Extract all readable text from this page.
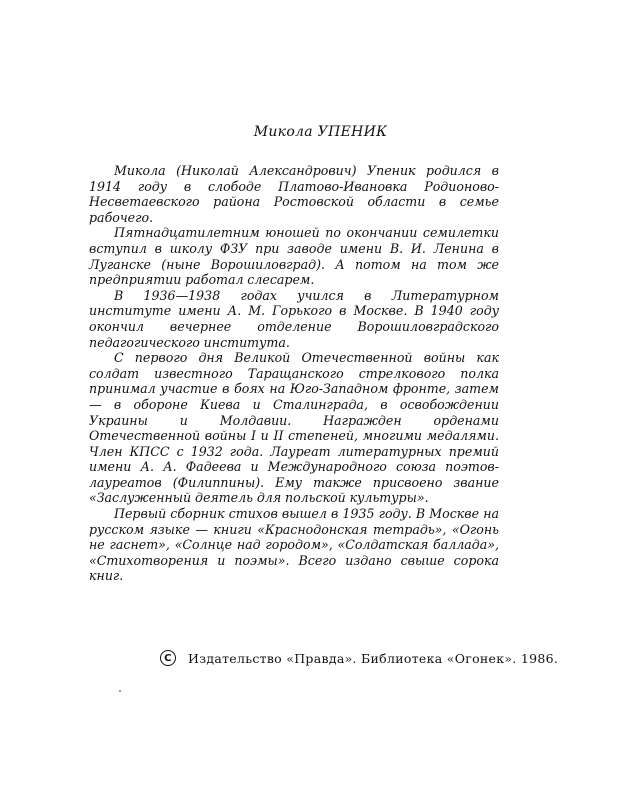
Микола УПЕНИК

Микола (Николай Александрович) Упеник родился в 1914 году в слободе Платово-Ивановка Родионово-Несветаевского района Ростовской области в семье рабочего.

Пятнадцатилетним юношей по окончании семилетки вступил в школу ФЗУ при заводе имени В. И. Ленина в Луганске (ныне Ворошиловград). А потом на том же предприятии работал слесарем.

В 1936—1938 годах учился в Литературном институте имени А. М. Горького в Москве. В 1940 году окончил вечернее отделение Ворошиловградского педагогического института.

С первого дня Великой Отечественной войны как солдат известного Таращанского стрелкового полка принимал участие в боях на Юго-Западном фронте, затем — в обороне Киева и Сталинграда, в освобождении Украины и Молдавии. Награжден орденами Отечественной войны I и II степеней, многими медалями. Член КПСС с 1932 года. Лауреат литературных премий имени А. А. Фадеева и Международного союза поэтов-лауреатов (Филиппины). Ему также присвоено звание «Заслуженный деятель для польской культуры».

Первый сборник стихов вышел в 1935 году. В Москве на русском языке — книги «Краснодонская тетрадь», «Огонь не гаснет», «Солнце над городом», «Солдатская баллада», «Стихотворения и поэмы». Всего издано свыше сорока книг.

С	Издательство «Правда». Библиотека «Огонек». 1986.
